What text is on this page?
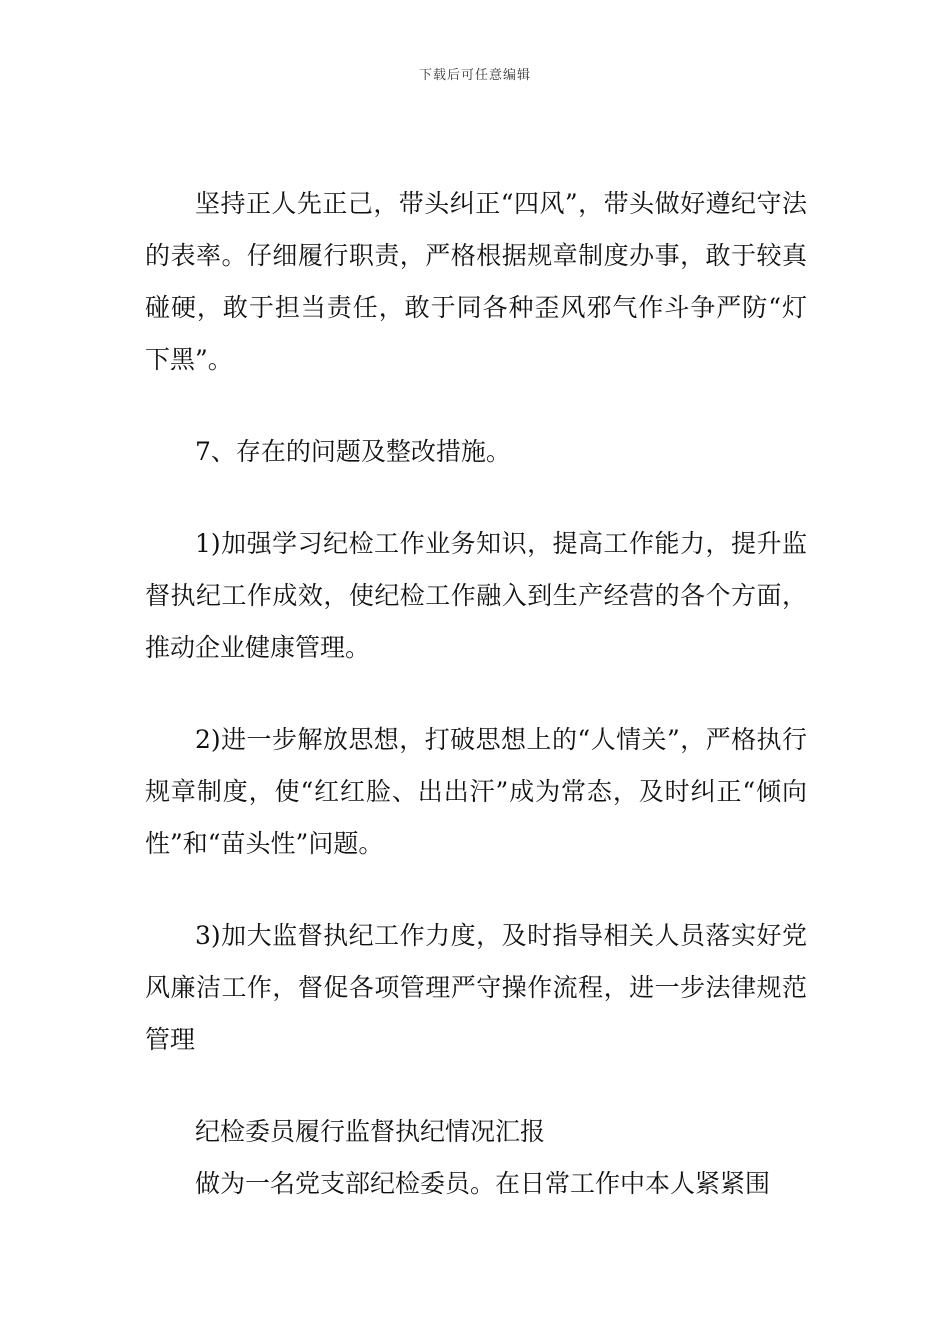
下载后可任意编辑

坚持正人先正己，带头纠正“四风”，带头做好遵纪守法的表率。仔细履行职责，严格根据规章制度办事，敢于较真碰硬，敢于担当责任，敢于同各种歪风邪气作斗争严防“灯下黑”。

7、存在的问题及整改措施。

1)加强学习纪检工作业务知识，提高工作能力，提升监督执纪工作成效，使纪检工作融入到生产经营的各个方面，推动企业健康管理。

2)进一步解放思想，打破思想上的“人情关”，严格执行规章制度，使“红红脸、出出汗”成为常态，及时纠正“倾向性”和“苗头性”问题。

3)加大监督执纪工作力度，及时指导相关人员落实好党风廉洁工作，督促各项管理严守操作流程，进一步法律规范管理

纪检委员履行监督执纪情况汇报

做为一名党支部纪检委员。在日常工作中本人紧紧围
